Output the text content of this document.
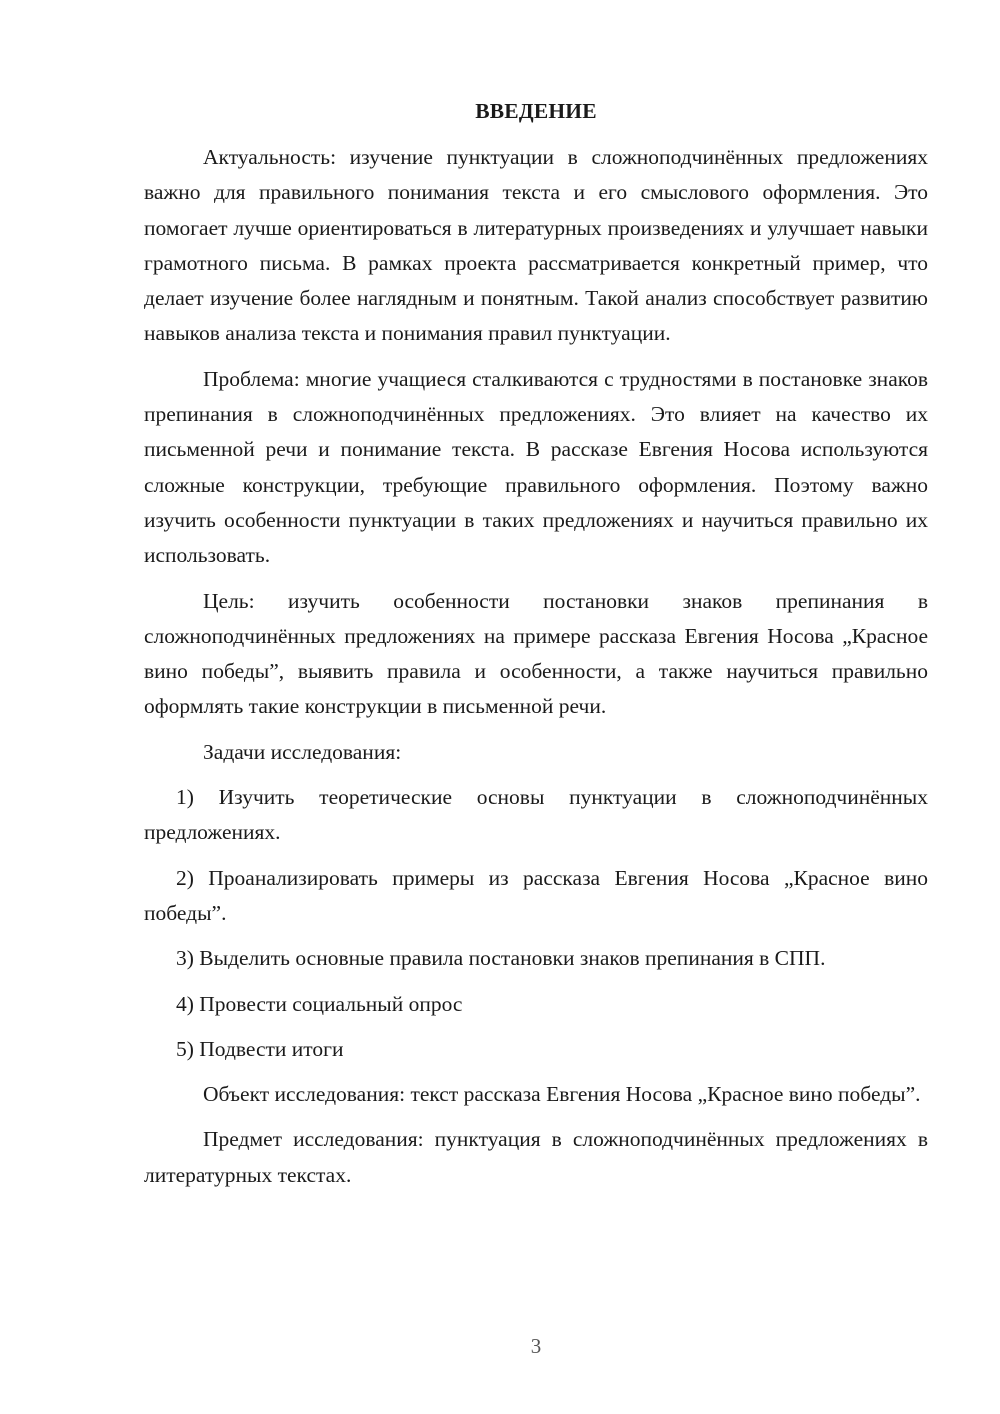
ВВЕДЕНИЕ

Актуальность: изучение пунктуации в сложноподчинённых предложениях важно для правильного понимания текста и его смыслового оформления. Это помогает лучше ориентироваться в литературных произведениях и улучшает навыки грамотного письма. В рамках проекта рассматривается конкретный пример, что делает изучение более наглядным и понятным. Такой анализ способствует развитию навыков анализа текста и понимания правил пунктуации.

Проблема: многие учащиеся сталкиваются с трудностями в постановке знаков препинания в сложноподчинённых предложениях. Это влияет на качество их письменной речи и понимание текста. В рассказе Евгения Носова используются сложные конструкции, требующие правильного оформления. Поэтому важно изучить особенности пунктуации в таких предложениях и научиться правильно их использовать.

Цель: изучить особенности постановки знаков препинания в сложноподчинённых предложениях на примере рассказа Евгения Носова „Красное вино победы”, выявить правила и особенности, а также научиться правильно оформлять такие конструкции в письменной речи.

Задачи исследования:

1) Изучить теоретические основы пунктуации в сложноподчинённых предложениях.

2) Проанализировать примеры из рассказа Евгения Носова „Красное вино победы”.

3) Выделить основные правила постановки знаков препинания в СПП.

4) Провести социальный опрос

5) Подвести итоги

Объект исследования: текст рассказа Евгения Носова „Красное вино победы”.

Предмет исследования: пунктуация в сложноподчинённых предложениях в литературных текстах.

3
